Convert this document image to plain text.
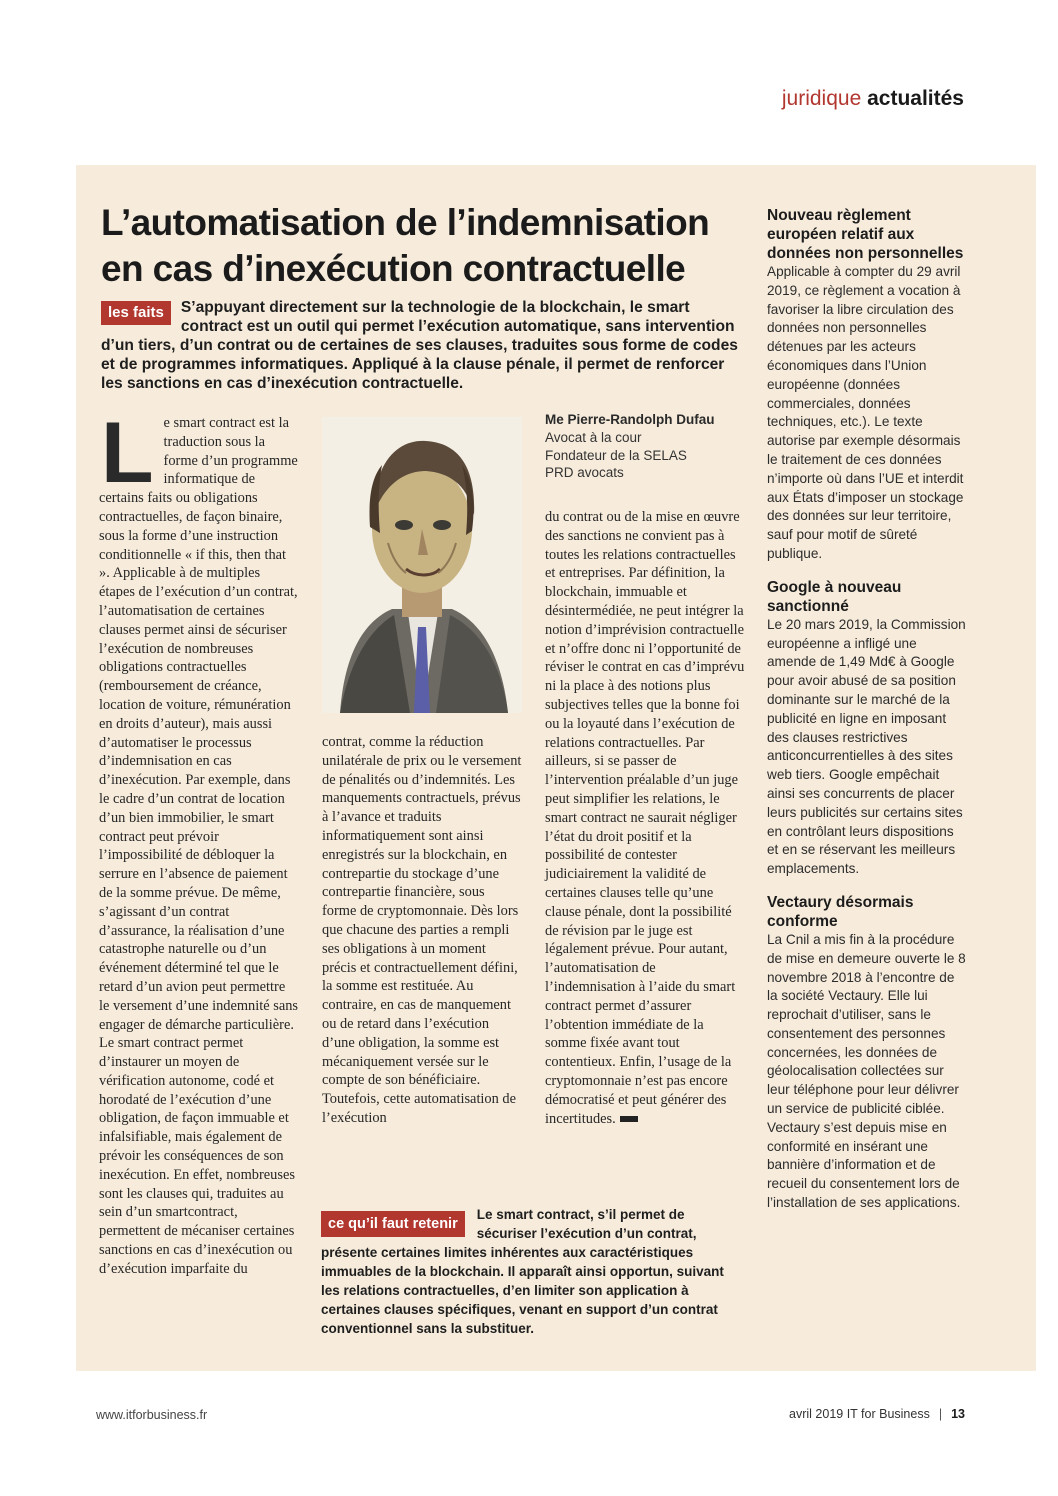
juridique actualités
L’automatisation de l’indemnisation en cas d’inexécution contractuelle

les faits	S’appuyant directement sur la technologie de la blockchain, le smart contract est un outil qui permet l’exécution automatique, sans intervention d’un tiers, d’un contrat ou de certaines de ses clauses, traduites sous forme de codes et de programmes informatiques. Appliqué à la clause pénale, il permet de renforcer les sanctions en cas d’inexécution contractuelle.

L e smart contract est la traduction sous la forme d’un programme informatique de certains faits ou obligations contractuelles, de façon binaire, sous la forme d’une instruction conditionnelle « if this, then that ». Applicable à de multiples étapes de l’exécution d’un contrat, l’automatisation de certaines clauses permet ainsi de sécuriser l’exécution de nombreuses obligations contractuelles (remboursement de créance, location de voiture, rémunération en droits d’auteur), mais aussi d’automatiser le processus d’indemnisation en cas d’inexécution. Par exemple, dans le cadre d’un contrat de location d’un bien immobilier, le smart contract peut prévoir l’impossibilité de débloquer la serrure en l’absence de paiement de la somme prévue. De même, s’agissant d’un contrat d’assurance, la réalisation d’une catastrophe naturelle ou d’un événement déterminé tel que le retard d’un avion peut permettre le versement d’une indemnité sans engager de démarche particulière. Le smart contract permet d’instaurer un moyen de vérification autonome, codé et horodaté de l’exécution d’une obligation, de façon immuable et infalsifiable, mais également de prévoir les conséquences de son inexécution. En effet, nombreuses sont les clauses qui, traduites au sein d’un smartcontract, permettent de mécaniser certaines sanctions en cas d’inexécution ou d’exécution imparfaite du

contrat, comme la réduction unilatérale de prix ou le versement de pénalités ou d’indemnités. Les manquements contractuels, prévus à l’avance et traduits informatiquement sont ainsi enregistrés sur la blockchain, en contrepartie du stockage d’une contrepartie financière, sous forme de cryptomonnaie. Dès lors que chacune des parties a rempli ses obligations à un moment précis et contractuellement défini, la somme est restituée. Au contraire, en cas de manquement ou de retard dans l’exécution d’une obligation, la somme est mécaniquement versée sur le compte de son bénéficiaire. Toutefois, cette automatisation de l’exécution

Me Pierre-Randolph Dufau

Avocat à la cour

Fondateur de la SELAS

PRD avocats

du contrat ou de la mise en œuvre des sanctions ne convient pas à toutes les relations contractuelles et entreprises. Par définition, la blockchain, immuable et désintermédiée, ne peut intégrer la notion d’imprévision contractuelle et n’offre donc ni l’opportunité de réviser le contrat en cas d’imprévu ni la place à des notions plus subjectives telles que la bonne foi ou la loyauté dans l’exécution de relations contractuelles. Par ailleurs, si se passer de l’intervention préalable d’un juge peut simplifier les relations, le smart contract ne saurait négliger l’état du droit positif et la possibilité de contester judiciairement la validité de certaines clauses telle qu’une clause pénale, dont la possibilité de révision par le juge est légalement prévue. Pour autant, l’automatisation de l’indemnisation à l’aide du smart contract permet d’assurer l’obtention immédiate de la somme fixée avant tout contentieux. Enfin, l’usage de la cryptomonnaie n’est pas encore démocratisé et peut générer des incertitudes.

ce qu’il faut retenir
Le smart contract, s’il permet de sécuriser l’exécution d’un contrat, présente certaines limites inhérentes aux caractéristiques immuables de la blockchain. Il apparaît ainsi opportun, suivant les relations contractuelles, d’en limiter son application à certaines clauses spécifiques, venant en support d’un contrat conventionnel sans la substituer.

Nouveau règlement européen relatif aux données non personnelles

Applicable à compter du 29 avril 2019, ce règlement a vocation à favoriser la libre circulation des données non personnelles détenues par les acteurs économiques dans l’Union européenne (données commerciales, données techniques, etc.). Le texte autorise par exemple désormais le traitement de ces données n’importe où dans l’UE et interdit aux États d’imposer un stockage des données sur leur territoire, sauf pour motif de sûreté publique.

Google à nouveau sanctionné

Le 20 mars 2019, la Commission européenne a infligé une amende de 1,49 Md€ à Google pour avoir abusé de sa position dominante sur le marché de la publicité en ligne en imposant des clauses restrictives anticoncurrentielles à des sites web tiers. Google empêchait ainsi ses concurrents de placer leurs publicités sur certains sites en contrôlant leurs dispositions et en se réservant les meilleurs emplacements.

Vectaury désormais conforme

La Cnil a mis fin à la procédure de mise en demeure ouverte le 8 novembre 2018 à l’encontre de la société Vectaury. Elle lui reprochait d’utiliser, sans le consentement des personnes concernées, les données de géolocalisation collectées sur leur téléphone pour leur délivrer un service de publicité ciblée. Vectaury s’est depuis mise en conformité en insérant une bannière d’information et de recueil du consentement lors de l’installation de ses applications.

www.itforbusiness.fr	avril 2019 IT for Business | 13
